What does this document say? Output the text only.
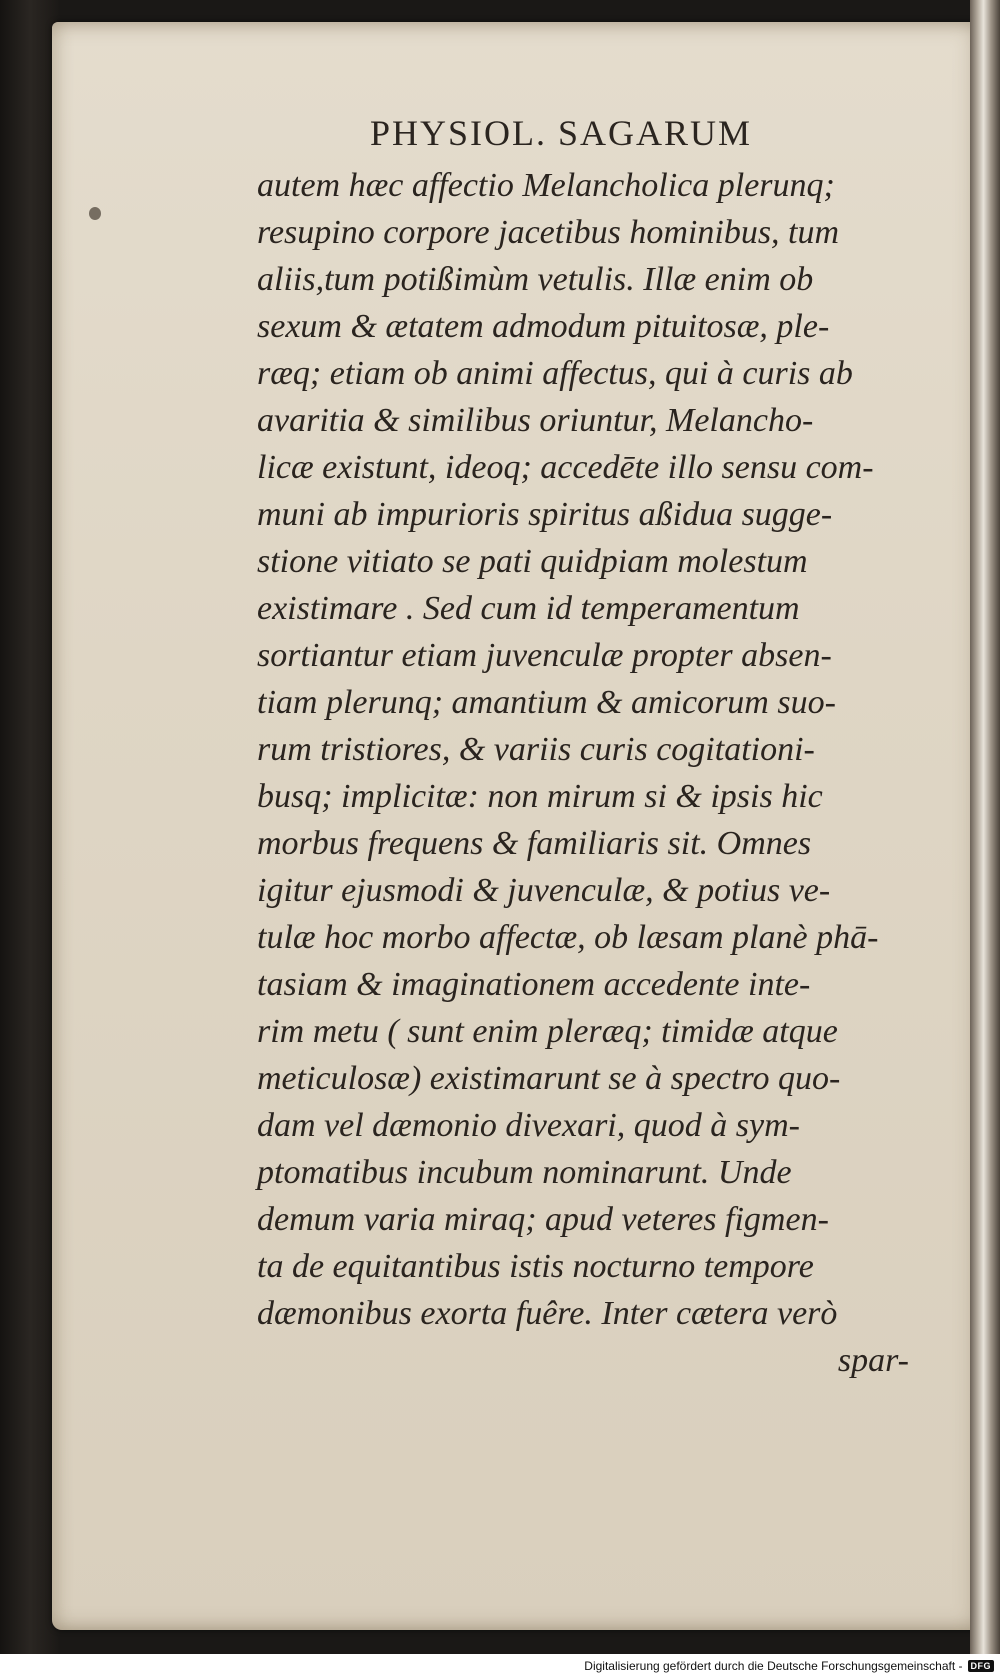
PHYSIOL. SAGARUM
autem hæc affectio Melancholica plerunq;
resupino corpore jacetibus hominibus, tum
aliis,tum potißimùm vetulis. Illæ enim ob
sexum & ætatem admodum pituitosæ, ple-
ræq; etiam ob animi affectus, qui à curis ab
avaritia & similibus oriuntur, Melancho-
licæ existunt, ideoq; accedēte illo sensu com-
muni ab impurioris spiritus aßidua sugge-
stione vitiato se pati quidpiam molestum
existimare . Sed cum id temperamentum
sortiantur etiam juvenculæ propter absen-
tiam plerunq; amantium & amicorum suo-
rum tristiores, & variis curis cogitationi-
busq; implicitæ: non mirum si & ipsis hic
morbus frequens & familiaris sit. Omnes
igitur ejusmodi & juvenculæ, & potius ve-
tulæ hoc morbo affectæ, ob læsam planè phā-
tasiam & imaginationem accedente inte-
rim metu ( sunt enim pleræq; timidæ atque
meticulosæ) existimarunt se à spectro quo-
dam vel dæmonio divexari, quod à sym-
ptomatibus incubum nominarunt. Unde
demum varia miraq; apud veteres figmen-
ta de equitantibus istis nocturno tempore
dæmonibus exorta fuêre. Inter cætera verò
spar-
Digitalisierung gefördert durch die Deutsche Forschungsgemeinschaft - DFG
